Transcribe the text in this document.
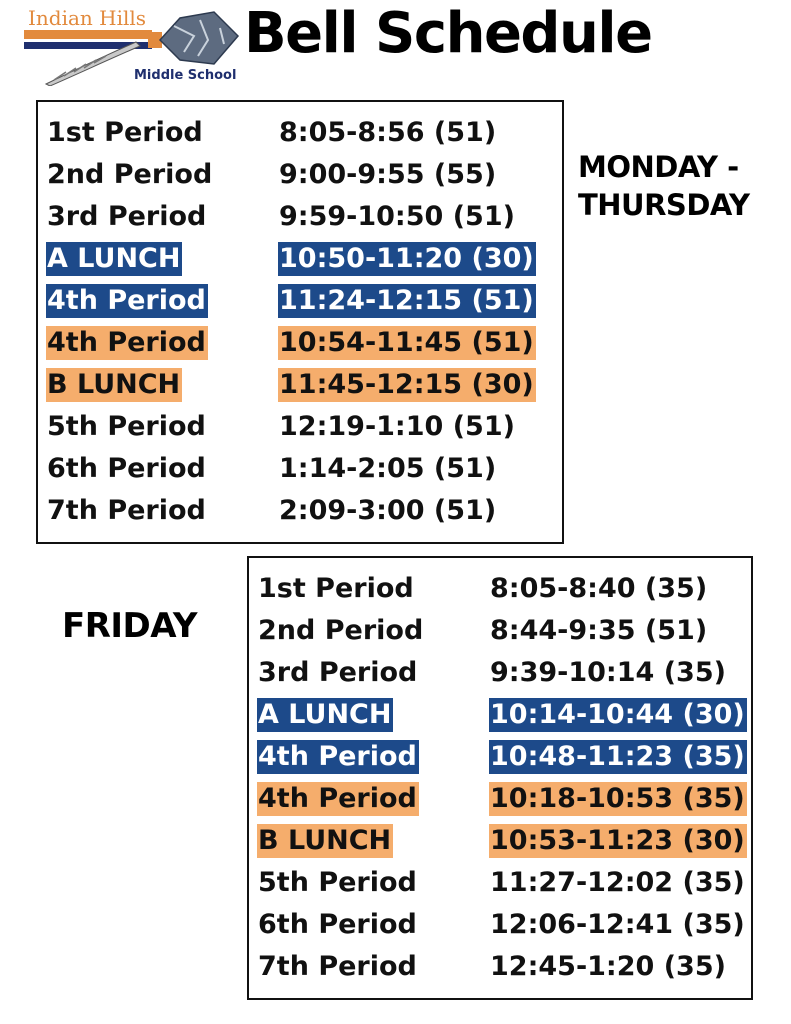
Indian Hills
Middle School
Bell Schedule
1st Period	8:05-8:56 (51)
2nd Period 9:00-9:55 (55)
3rd Period	9:59-10:50 (51)
A LUNCH	10:50-11:20 (30)
4th Period	11:24-12:15 (51)
4th Period	10:54-11:45 (51)
B LUNCH	11:45-12:15 (30)
5th Period	12:19-1:10 (51)
6th Period	1:14-2:05 (51)
7th Period	2:09-3:00 (51)
MONDAY -
THURSDAY
FRIDAY
1st Period	8:05-8:40 (35)
2nd Period 8:44-9:35 (51)
3rd Period	9:39-10:14 (35)
A LUNCH	10:14-10:44 (30)
4th Period	10:48-11:23 (35)
4th Period	10:18-10:53 (35)
B LUNCH	10:53-11:23 (30)
5th Period	11:27-12:02 (35)
6th Period	12:06-12:41 (35)
7th Period	12:45-1:20 (35)
